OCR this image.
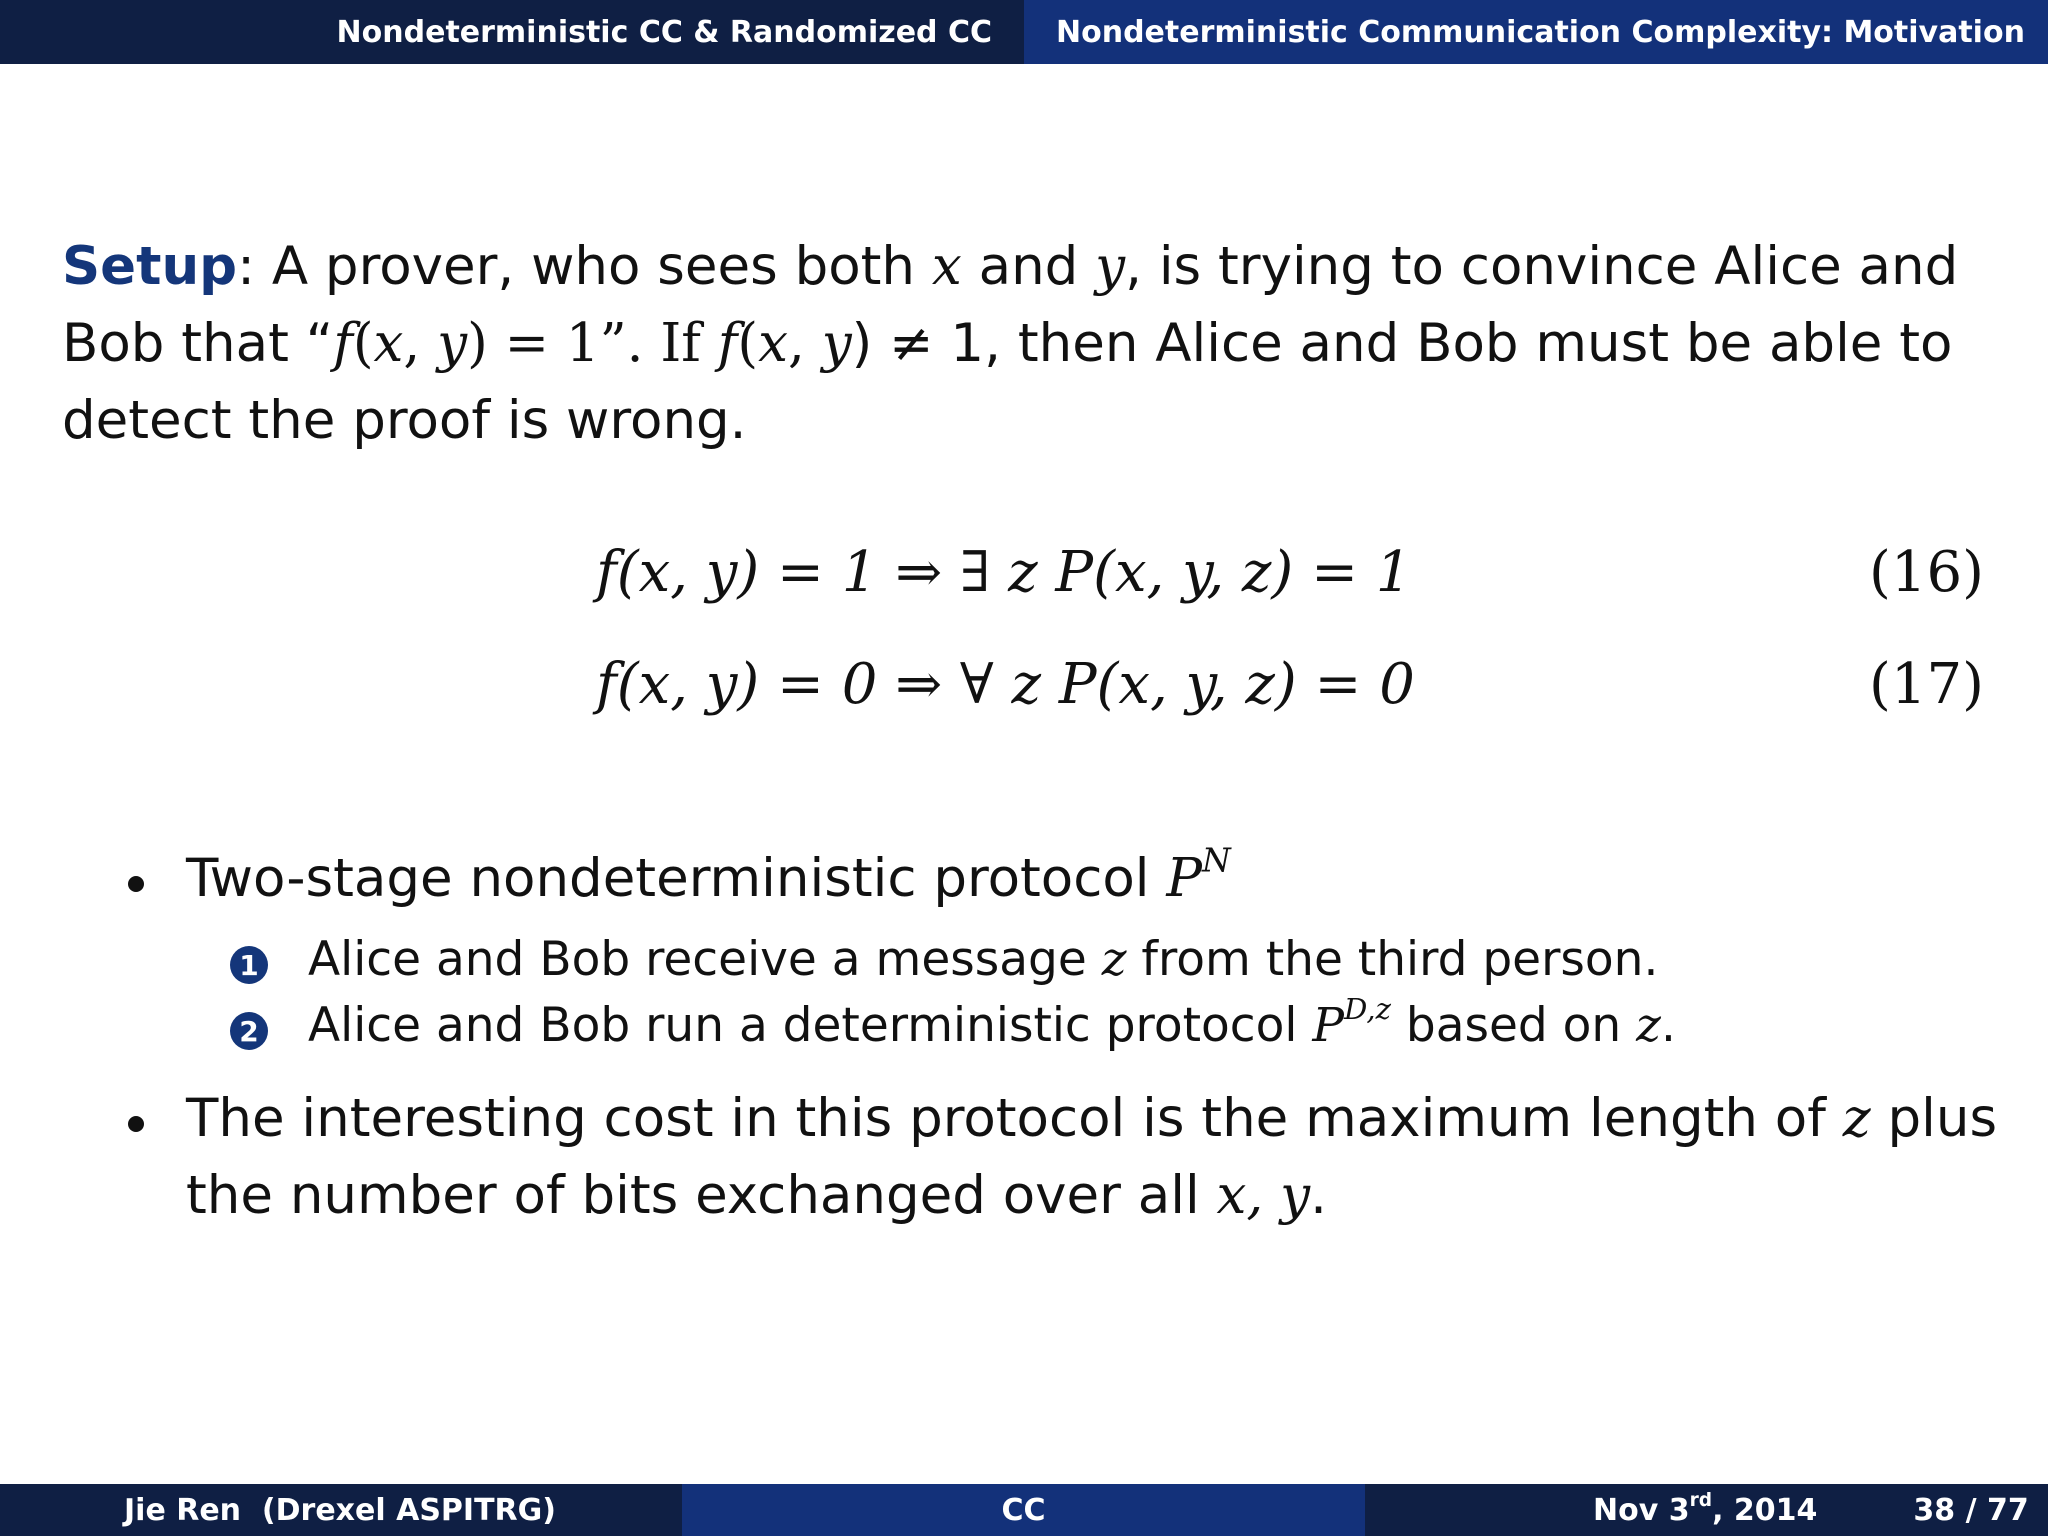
Nondeterministic CC & Randomized CC Nondeterministic Communication Complexity: Motivation

Setup: A prover, who sees both x and y, is trying to convince Alice and Bob that “f(x, y) = 1”. If f(x, y) ≠ 1, then Alice and Bob must be able to detect the proof is wrong.

f(x, y) = 1 ⇒ ∃ z P(x, y, z) = 1	(16)
f(x, y) = 0 ⇒ ∀ z P(x, y, z) = 0	(17)
Two-stage nondeterministic protocol $P^N$
1 Alice and Bob receive a message z from the third person.
2 Alice and Bob run a deterministic protocol $P^{D,z}$ based on z.
The interesting cost in this protocol is the maximum length of z plus
the number of bits exchanged over all x, y.
Jie Ren  (Drexel ASPITRG)	CC	Nov 3rd, 2014	38 / 77
